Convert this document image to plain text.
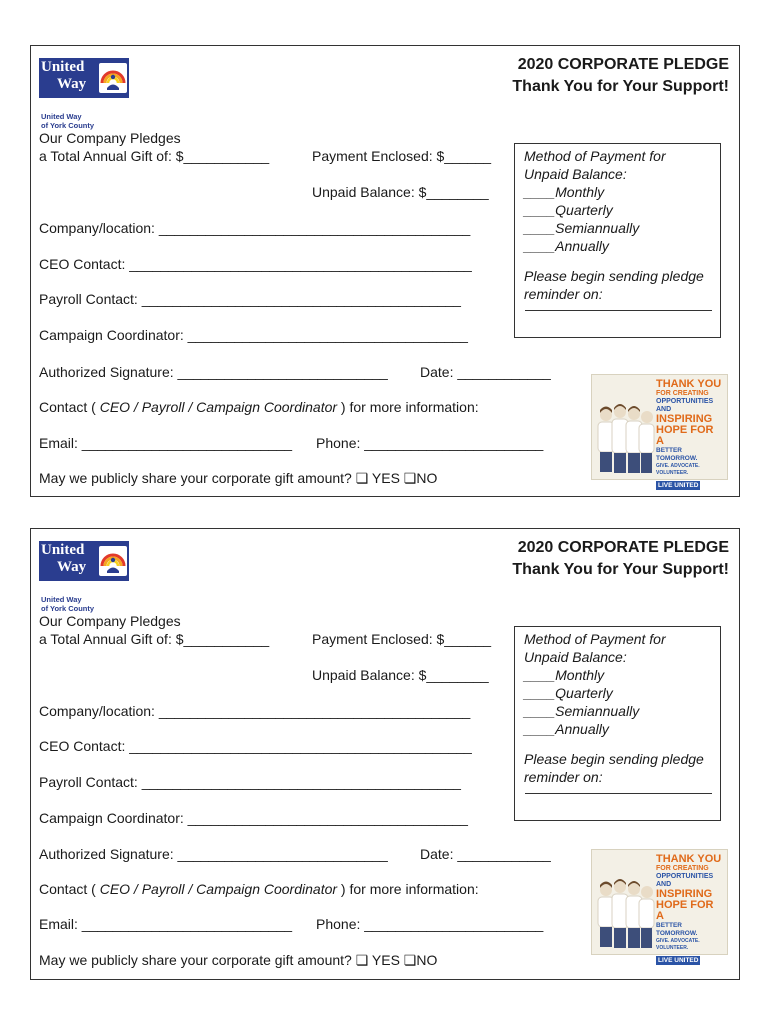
United
Way
United Way
of York County
2020 CORPORATE PLEDGE
Thank You for Your Support!
Our Company Pledges
a Total Annual Gift of: $___________	Payment Enclosed: $______
Unpaid Balance: $________
Company/location: ________________________________________
CEO Contact: ____________________________________________
Payroll Contact: _________________________________________
Campaign Coordinator: ____________________________________
Authorized Signature: ___________________________ Date: ____________
Contact ( CEO / Payroll / Campaign Coordinator ) for more information:
Email: ___________________________ Phone: _______________________
May we publicly share your corporate gift amount? ❏ YES ❏NO
Method of Payment for
Unpaid Balance:
____Monthly
____Quarterly
____Semiannually
____Annually
Please begin sending pledge
reminder on:
THANK YOU
FOR CREATING
OPPORTUNITIES AND
INSPIRING
HOPE FOR A
BETTER TOMORROW.
GIVE. ADVOCATE. VOLUNTEER.
LIVE UNITED
United
Way
United Way
of York County
2020 CORPORATE PLEDGE
Thank You for Your Support!
Our Company Pledges
a Total Annual Gift of: $___________	Payment Enclosed: $______
Unpaid Balance: $________
Company/location: ________________________________________
CEO Contact: ____________________________________________
Payroll Contact: _________________________________________
Campaign Coordinator: ____________________________________
Authorized Signature: ___________________________ Date: ____________
Contact ( CEO / Payroll / Campaign Coordinator ) for more information:
Email: ___________________________ Phone: _______________________
May we publicly share your corporate gift amount? ❏ YES ❏NO
Method of Payment for
Unpaid Balance:
____Monthly
____Quarterly
____Semiannually
____Annually
Please begin sending pledge
reminder on:
THANK YOU
FOR CREATING
OPPORTUNITIES AND
INSPIRING
HOPE FOR A
BETTER TOMORROW.
GIVE. ADVOCATE. VOLUNTEER.
LIVE UNITED
